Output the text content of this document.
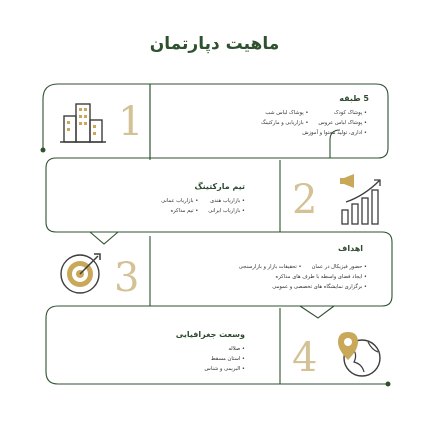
ماهیت دپارتمان
1
5 طبقه
• پوشاک کودک
• پوشاک لباس شب
• پوشاک لباس عروس
• بازاریابی و مارکتینگ
• اداری، تولید محتوا و آموزش
تیم مارکتینگ
• بازاریاب هندی
• بازاریاب عمانی
• بازاریاب ایرانی
• تیم مذاکره 2
3
اهداف
• حضور فیزیکال در عمان
• تحقیقات بازار و بازارسنجی
• ایجاد فضای واسطه با طرف های مذاکره
• برگزاری نمایشگاه های تخصصی و عمومی
وسعت جغرافیایی
• صلاله
• استان مسقط
• البریمی و شناس 4
